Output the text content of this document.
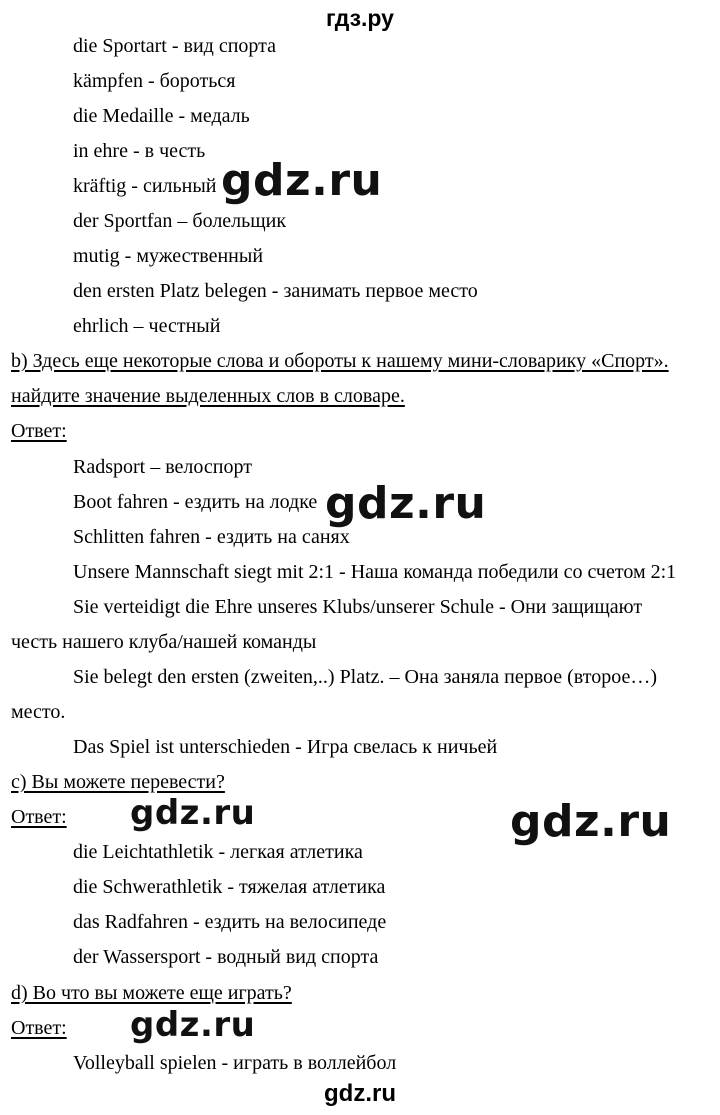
гдз.ру
die Sportart - вид спорта
kämpfen - бороться
die Medaille - медаль
in ehre - в честь
kräftig - сильный
der Sportfan – болельщик
mutig - мужественный
den ersten Platz belegen - занимать первое место
ehrlich – честный
b) Здесь еще некоторые слова и обороты к нашему мини-словарику «Спорт».
найдите значение выделенных слов в словаре.
Ответ:
Radsport – велоспорт
Boot fahren - ездить на лодке
Schlitten fahren - ездить на санях
Unsere Mannschaft siegt mit 2:1 - Наша команда победили со счетом 2:1
Sie verteidigt die Ehre unseres Klubs/unserer Schule - Они защищают
честь нашего клуба/нашей команды
Sie belegt den ersten (zweiten,..) Platz. – Она заняла первое (второе…)
место.
Das Spiel ist unterschieden - Игра свелась к ничьей
c) Вы можете перевести?
Ответ:
die Leichtathletik - легкая атлетика
die Schwerathletik - тяжелая атлетика
das Radfahren - ездить на велосипеде
der Wassersport - водный вид спорта
d) Во что вы можете еще играть?
Ответ:
Volleyball spielen - играть в воллейбол
gdz.ru
gdz.ru
gdz.ru	gdz.ru
gdz.ru
gdz.ru
